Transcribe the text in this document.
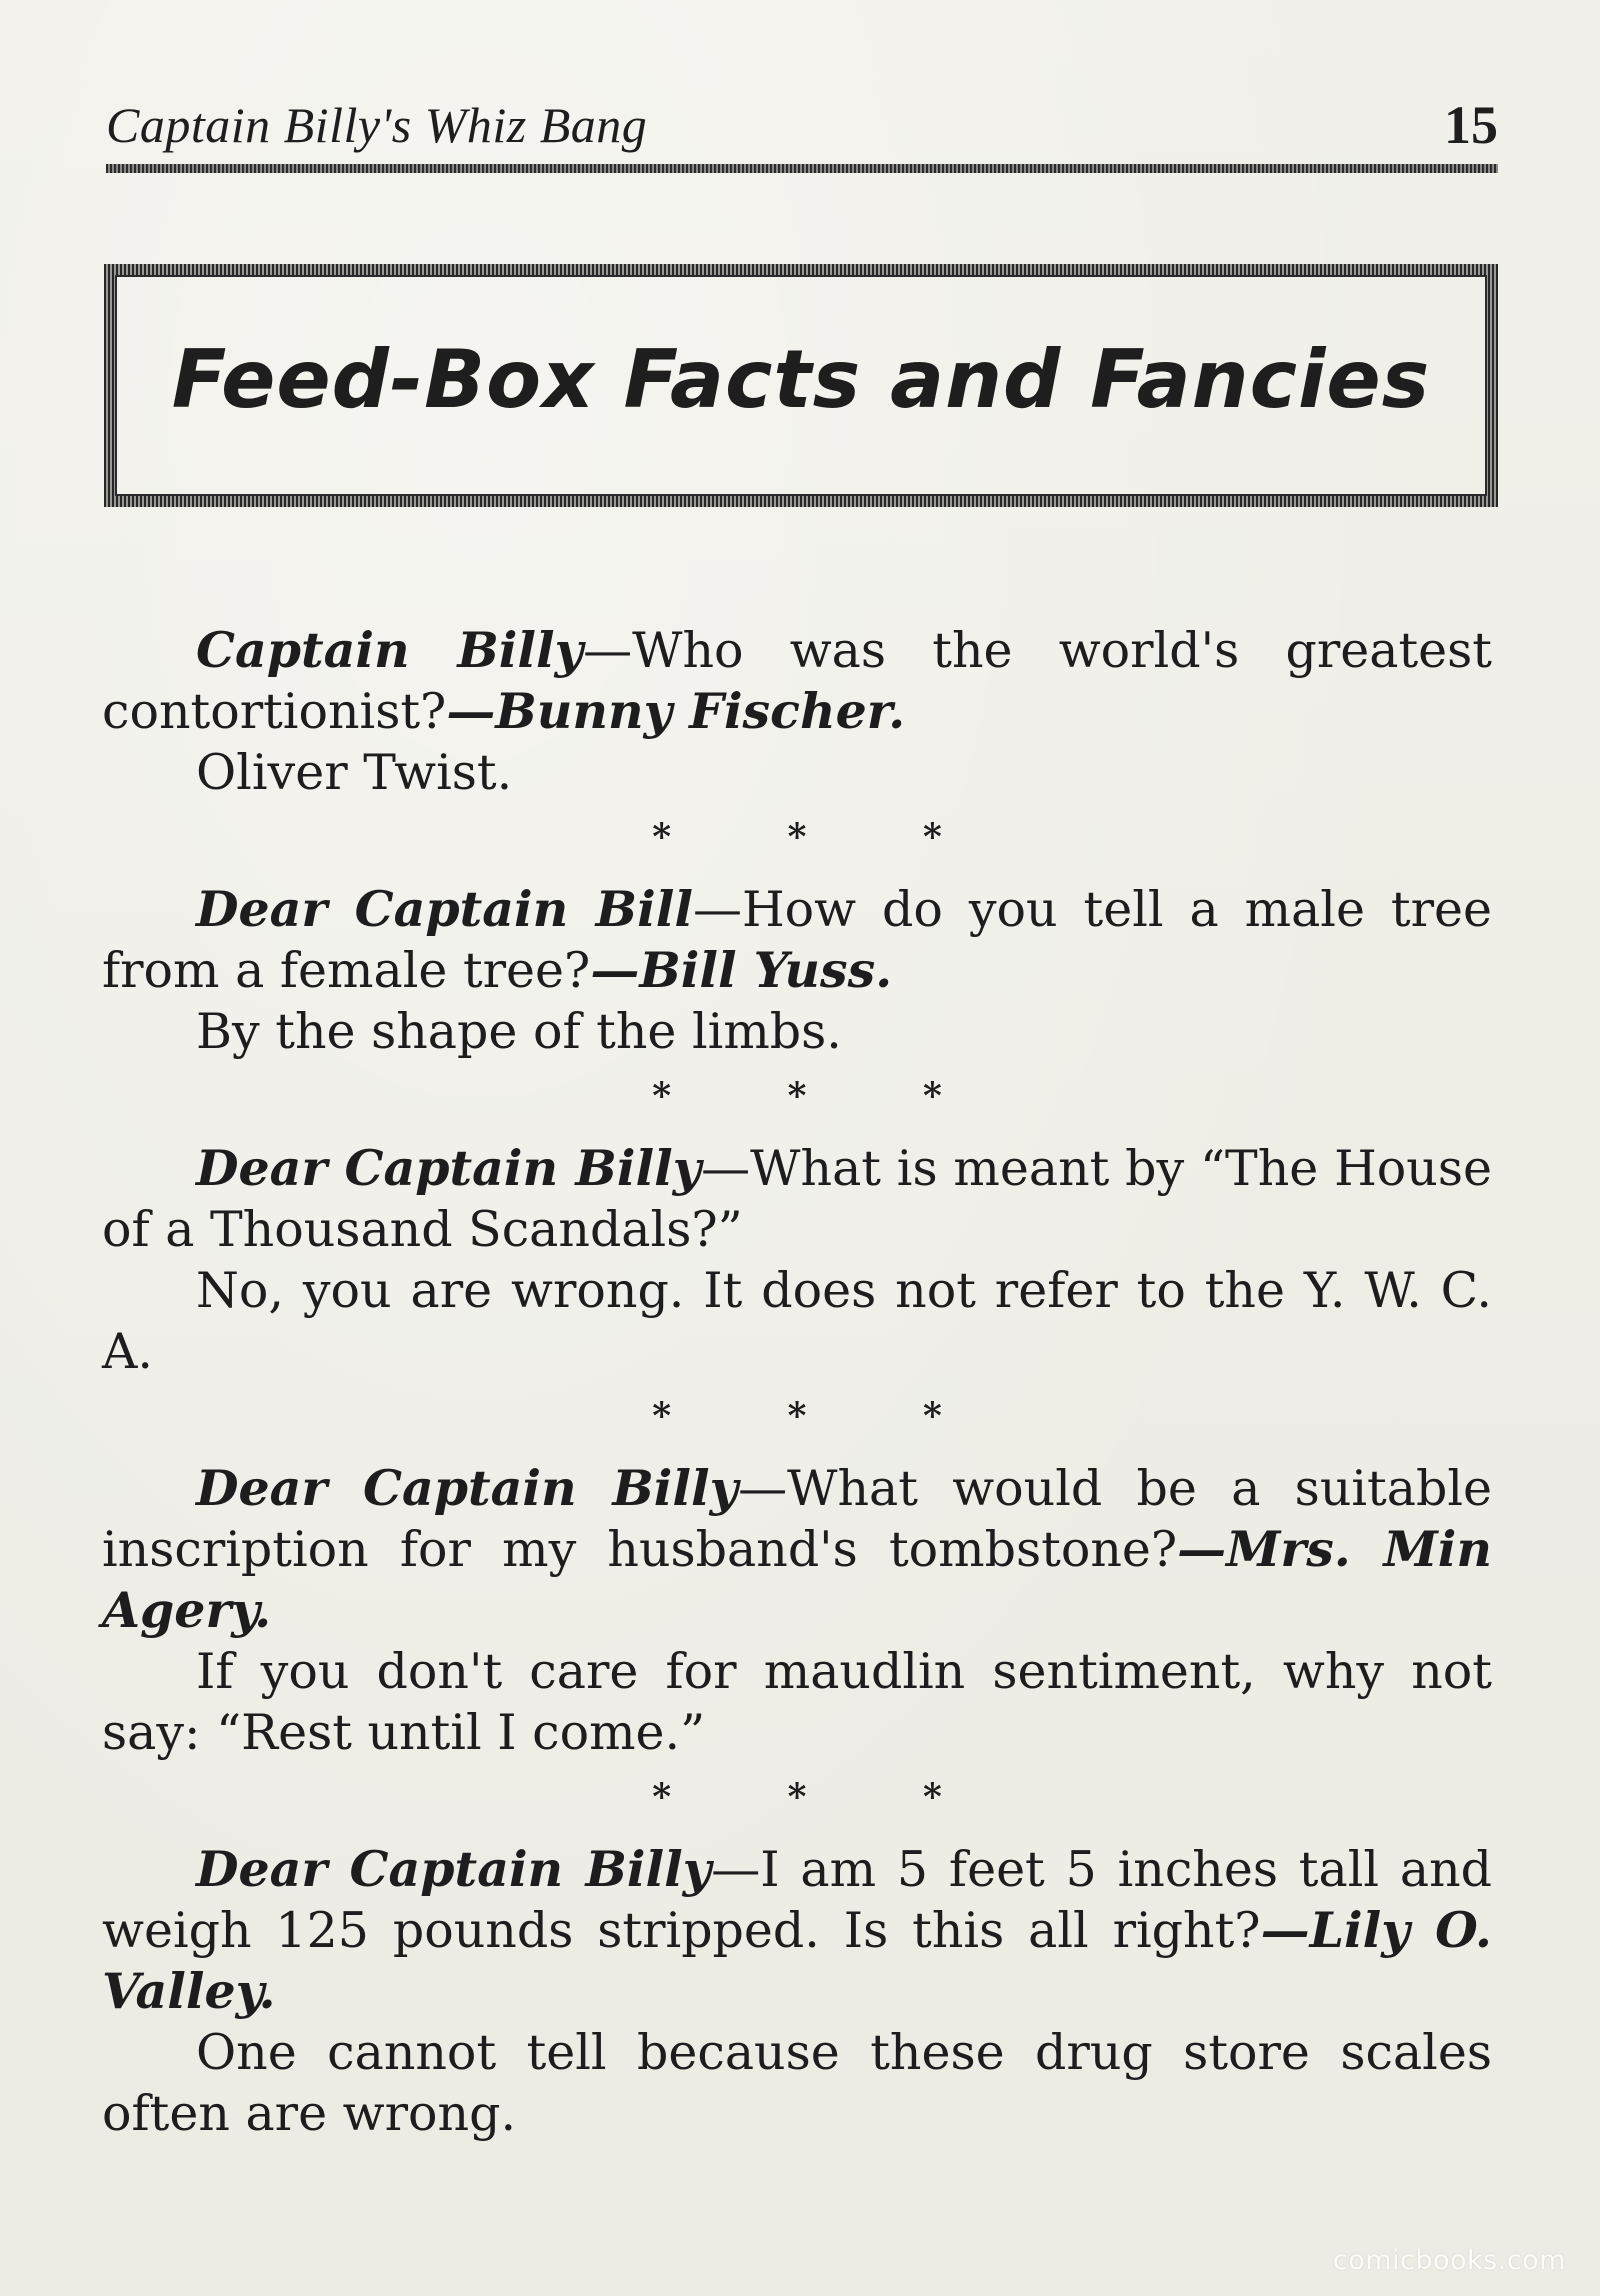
Captain Billy's Whiz Bang	15
Feed-Box Facts and Fancies

Captain Billy—Who was the world's greatest contortionist?—Bunny Fischer.

Oliver Twist.

* * *

Dear Captain Bill—How do you tell a male tree from a female tree?—Bill Yuss.

By the shape of the limbs.

* * *

Dear Captain Billy—What is meant by “The House of a Thousand Scandals?”

No, you are wrong. It does not refer to the Y. W. C. A.

* * *

Dear Captain Billy—What would be a suitable inscription for my husband's tombstone?—Mrs. Min Agery.

If you don't care for maudlin sentiment, why not say: “Rest until I come.”

* * *

Dear Captain Billy—I am 5 feet 5 inches tall and weigh 125 pounds stripped. Is this all right?—Lily O. Valley.

One cannot tell because these drug store scales often are wrong.

comicbooks.com
